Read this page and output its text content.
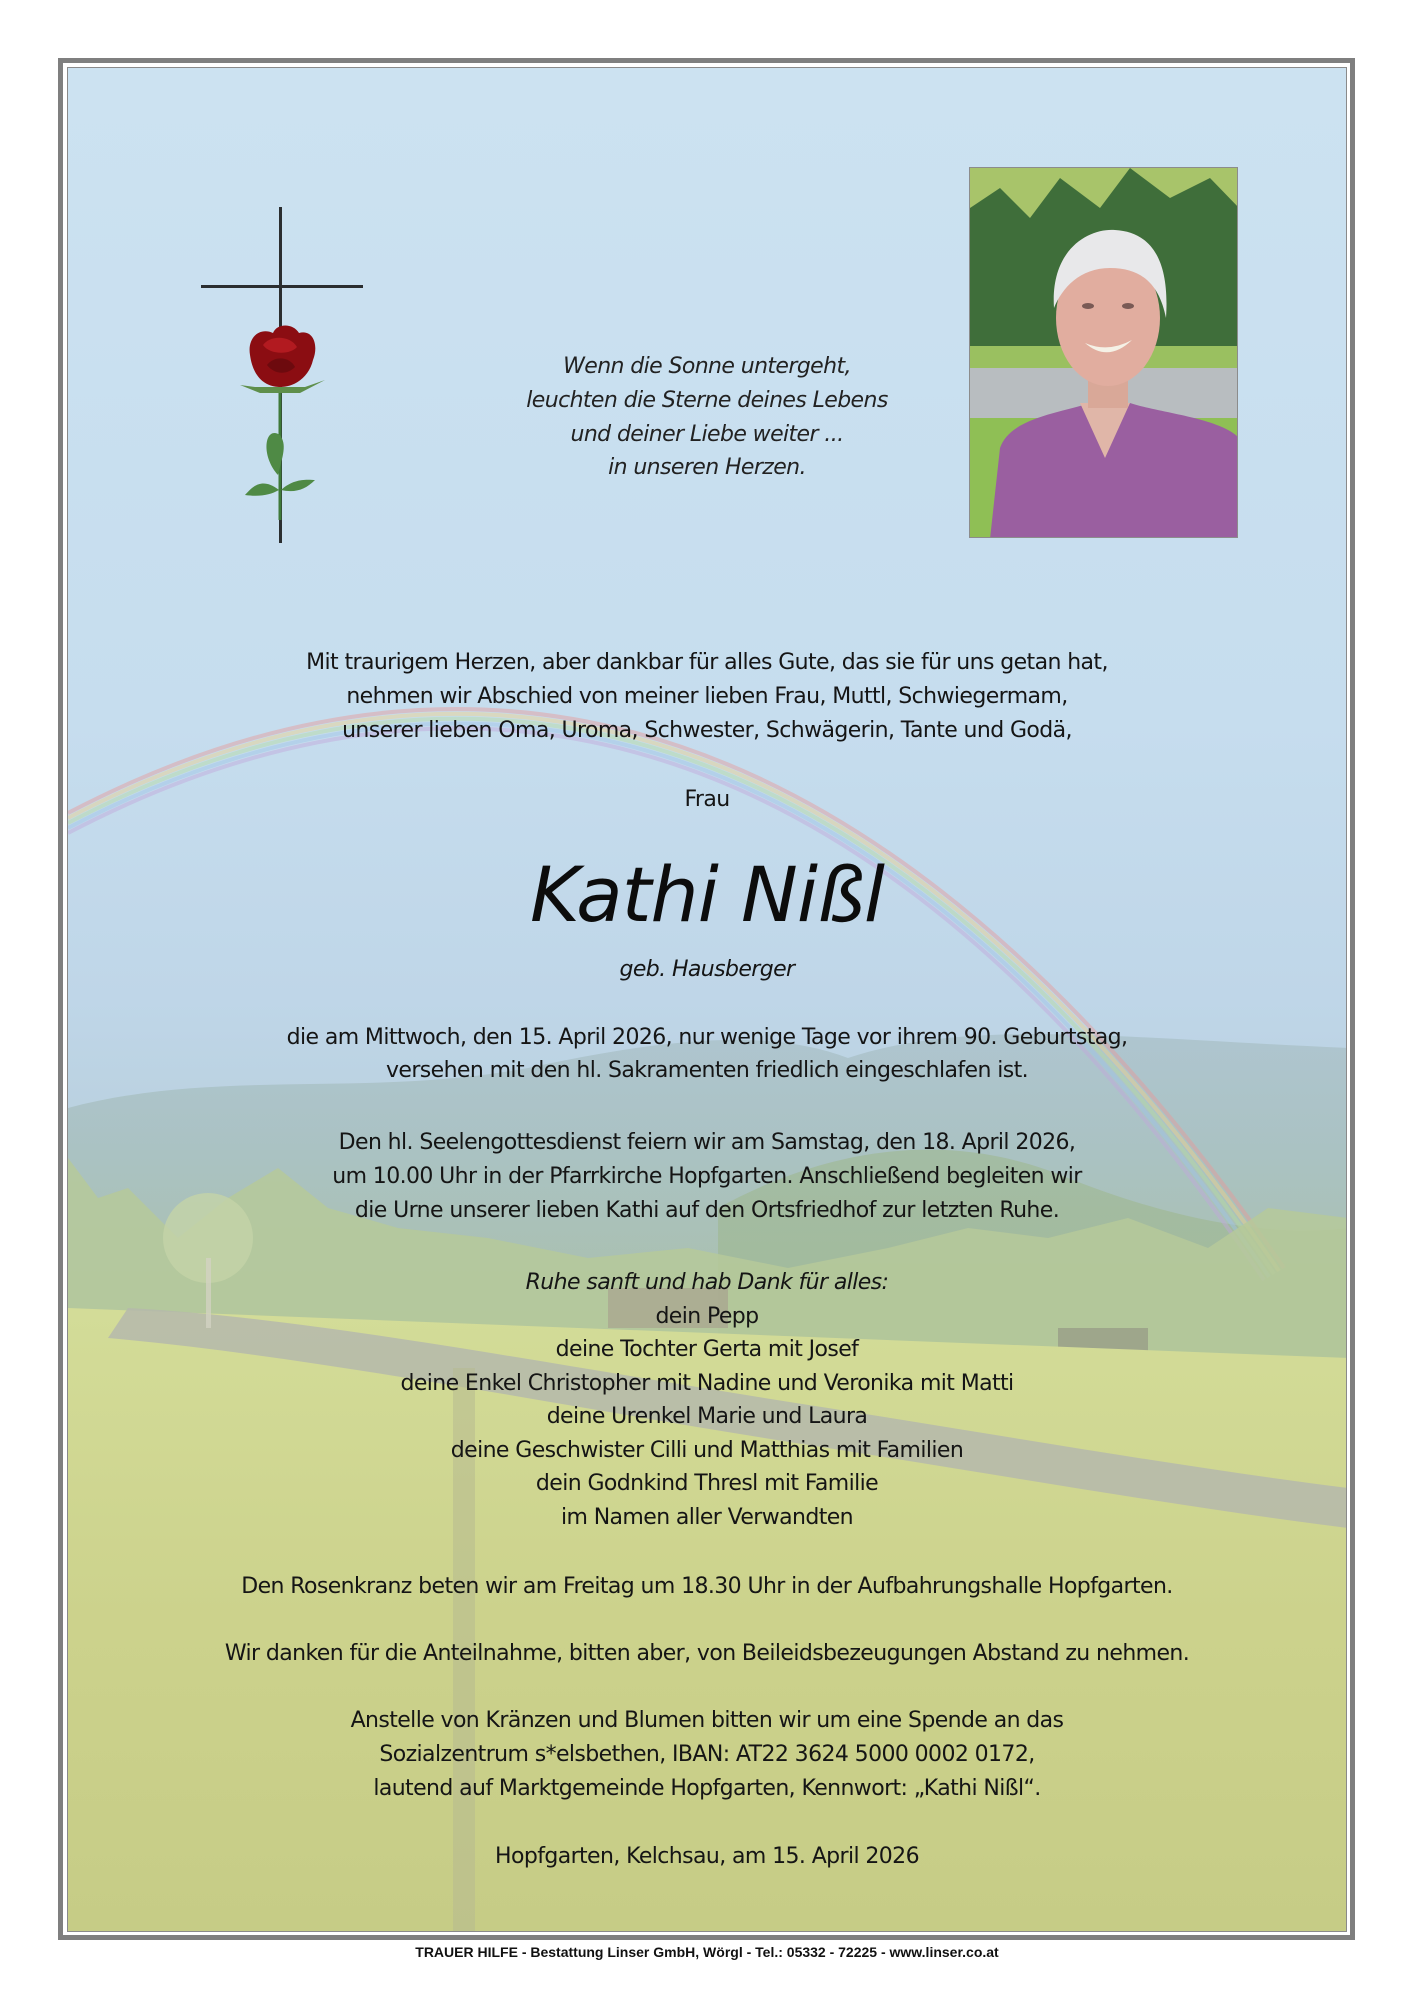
Wenn die Sonne untergeht,
leuchten die Sterne deines Lebens
und deiner Liebe weiter ...
in unseren Herzen.
Mit traurigem Herzen, aber dankbar für alles Gute, das sie für uns getan hat,
nehmen wir Abschied von meiner lieben Frau, Muttl, Schwiegermam,
unserer lieben Oma, Uroma, Schwester, Schwägerin, Tante und Godä,
Frau
Kathi Nißl
geb. Hausberger
die am Mittwoch, den 15. April 2026, nur wenige Tage vor ihrem 90. Geburtstag,
versehen mit den hl. Sakramenten friedlich eingeschlafen ist.
Den hl. Seelengottesdienst feiern wir am Samstag, den 18. April 2026,
um 10.00 Uhr in der Pfarrkirche Hopfgarten. Anschließend begleiten wir
die Urne unserer lieben Kathi auf den Ortsfriedhof zur letzten Ruhe.
Ruhe sanft und hab Dank für alles:
dein Pepp
deine Tochter Gerta mit Josef
deine Enkel Christopher mit Nadine und Veronika mit Matti
deine Urenkel Marie und Laura
deine Geschwister Cilli und Matthias mit Familien
dein Godnkind Thresl mit Familie
im Namen aller Verwandten
Den Rosenkranz beten wir am Freitag um 18.30 Uhr in der Aufbahrungshalle Hopfgarten.
Wir danken für die Anteilnahme, bitten aber, von Beileidsbezeugungen Abstand zu nehmen.
Anstelle von Kränzen und Blumen bitten wir um eine Spende an das
Sozialzentrum s*elsbethen, IBAN: AT22 3624 5000 0002 0172,
lautend auf Marktgemeinde Hopfgarten, Kennwort: „Kathi Nißl“.
Hopfgarten, Kelchsau, am 15. April 2026
TRAUER HILFE - Bestattung Linser GmbH, Wörgl - Tel.: 05332 - 72225 - www.linser.co.at
